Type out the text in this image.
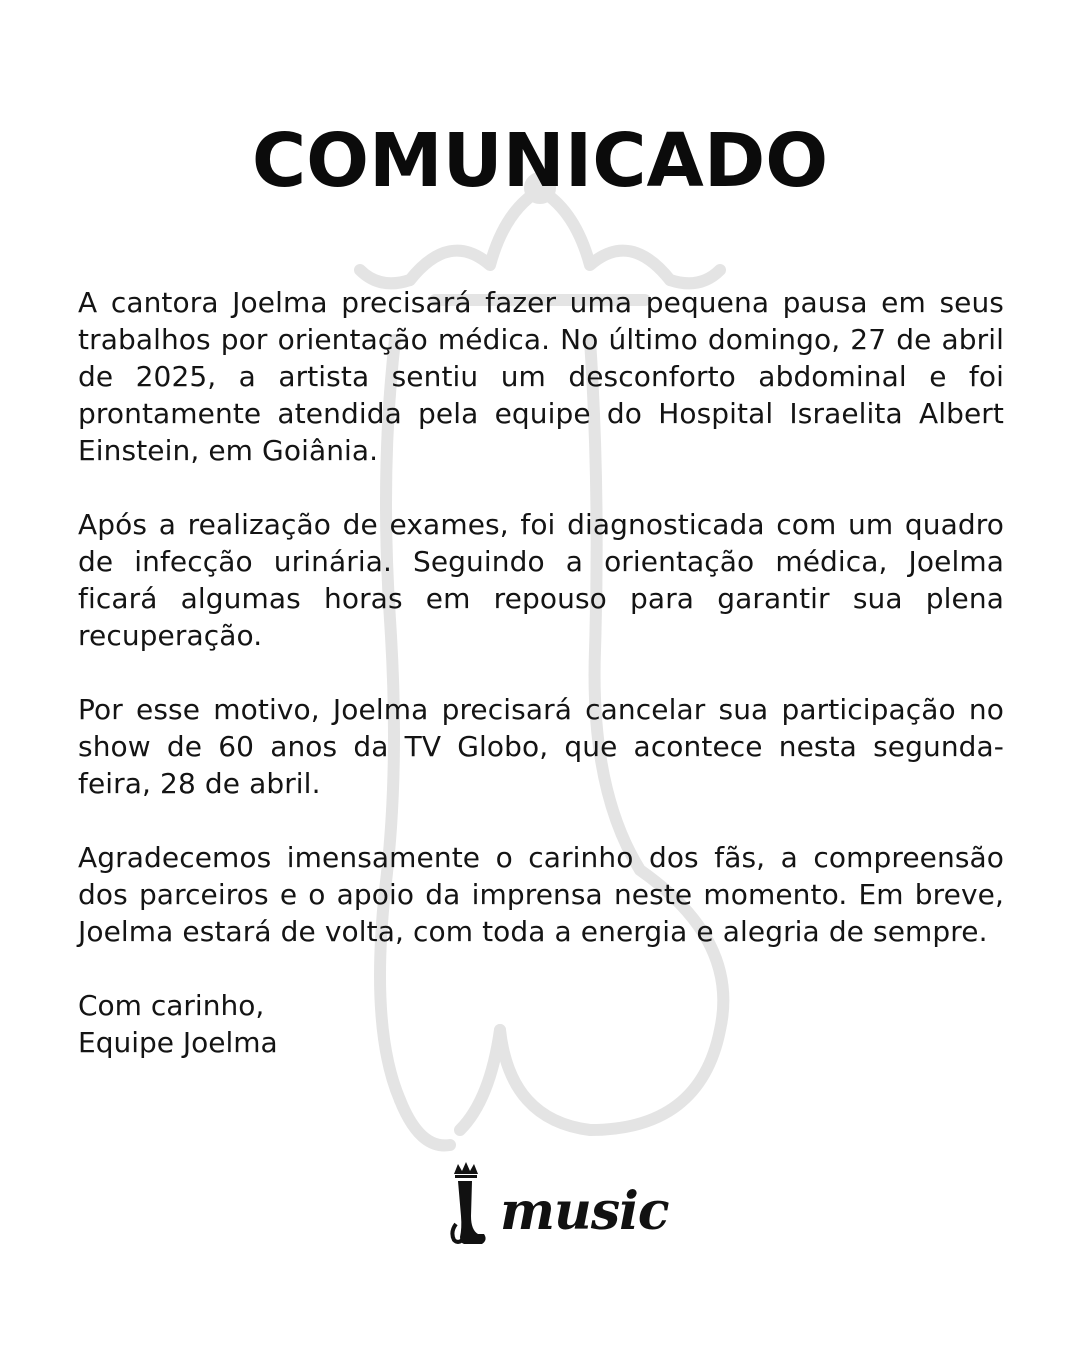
COMUNICADO

A cantora Joelma precisará fazer uma pequena pausa em seus trabalhos por orientação médica. No último domingo, 27 de abril de 2025, a artista sentiu um desconforto abdominal e foi prontamente atendida pela equipe do Hospital Israelita Albert Einstein, em Goiânia.

Após a realização de exames, foi diagnosticada com um quadro de infecção urinária. Seguindo a orientação médica, Joelma ficará algumas horas em repouso para garantir sua plena recuperação.

Por esse motivo, Joelma precisará cancelar sua participação no show de 60 anos da TV Globo, que acontece nesta segunda-feira, 28 de abril.

Agradecemos imensamente o carinho dos fãs, a compreensão dos parceiros e o apoio da imprensa neste momento. Em breve, Joelma estará de volta, com toda a energia e alegria de sempre.

Com carinho,

Equipe Joelma

music
